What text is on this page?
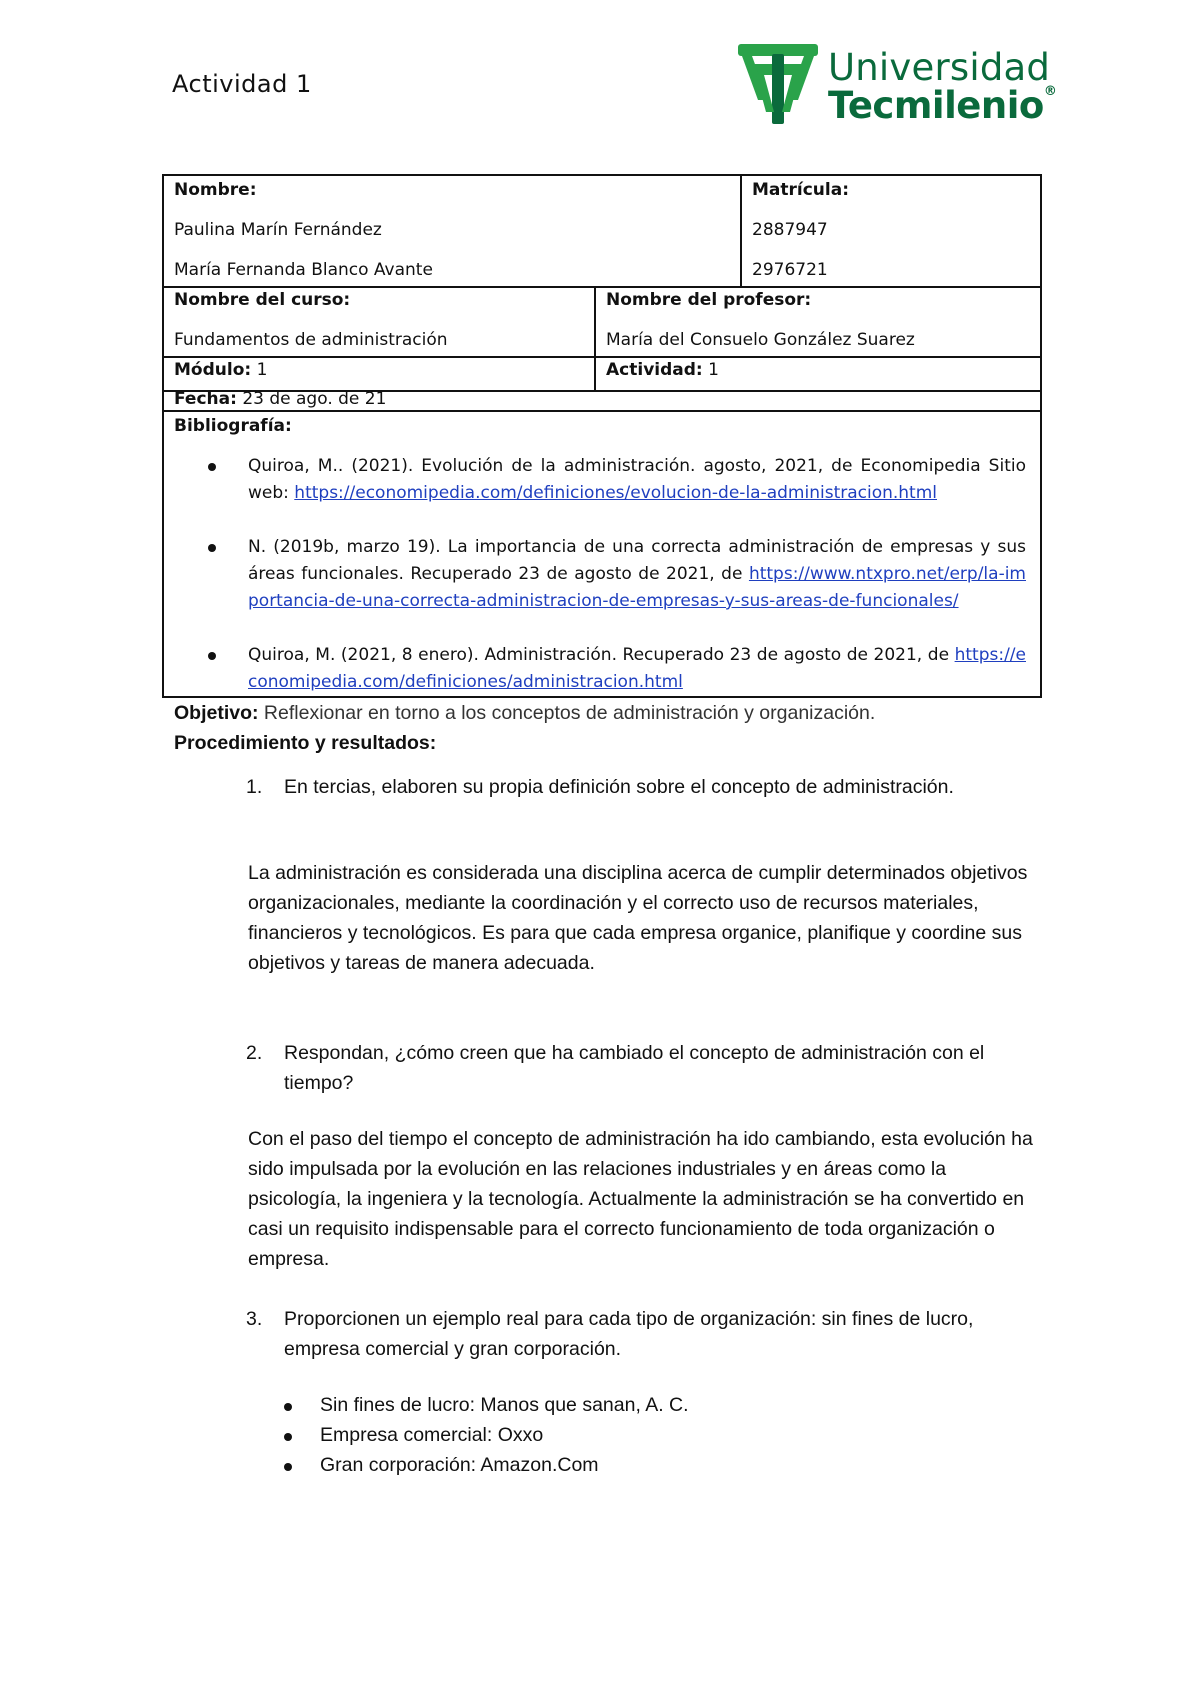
Actividad 1	Universidad
Tecmilenio®
Nombre:
Paulina Marín Fernández
María Fernanda Blanco Avante
Matrícula:
2887947
2976721
Nombre del curso:
Fundamentos de administración
Nombre del profesor:
María del Consuelo González Suarez
Módulo: 1	Actividad: 1
Fecha: 23 de ago. de 21
Bibliografía:
Quiroa, M.. (2021). Evolución de la administración. agosto, 2021, de Economipedia Sitio web: https://economipedia.com/definiciones/evolucion-de-la-administracion.html
N. (2019b, marzo 19). La importancia de una correcta administración de empresas y sus áreas funcionales. Recuperado 23 de agosto de 2021, de https://www.ntxpro.net/erp/la-importancia-de-una-correcta-administracion-de-empresas-y-sus-areas-de-funcionales/
Quiroa, M. (2021, 8 enero). Administración. Recuperado 23 de agosto de 2021, de https://economipedia.com/definiciones/administracion.html
Objetivo: Reflexionar en torno a los conceptos de administración y organización.
Procedimiento y resultados:
1. En tercias, elaboren su propia definición sobre el concepto de administración.
La administración es considerada una disciplina acerca de cumplir determinados objetivos organizacionales, mediante la coordinación y el correcto uso de recursos materiales, financieros y tecnológicos. Es para que cada empresa organice, planifique y coordine sus objetivos y tareas de manera adecuada.
2. Respondan, ¿cómo creen que ha cambiado el concepto de administración con el tiempo?
Con el paso del tiempo el concepto de administración ha ido cambiando, esta evolución ha sido impulsada por la evolución en las relaciones industriales y en áreas como la psicología, la ingeniera y la tecnología. Actualmente la administración se ha convertido en casi un requisito indispensable para el correcto funcionamiento de toda organización o empresa.
3. Proporcionen un ejemplo real para cada tipo de organización: sin fines de lucro, empresa comercial y gran corporación.
Sin fines de lucro: Manos que sanan, A. C.
Empresa comercial: Oxxo
Gran corporación: Amazon.Com
